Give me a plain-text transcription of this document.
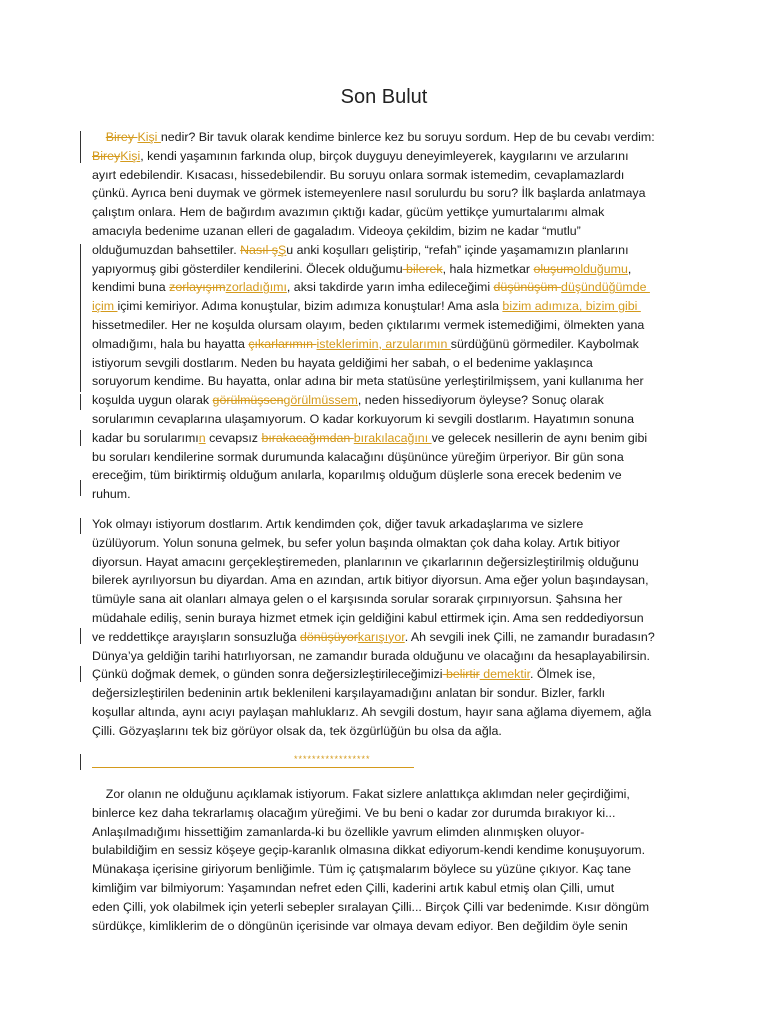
Son Bulut
Birey Kişi nedir? Bir tavuk olarak kendime binlerce kez bu soruyu sordum. Hep de bu cevabı verdim:
BireyKişi, kendi yaşamının farkında olup, birçok duyguyu deneyimleyerek, kaygılarını ve arzularını
ayırt edebilendir. Kısacası, hissedebilendir. Bu soruyu onlara sormak istemedim, cevaplamazlardı
çünkü. Ayrıca beni duymak ve görmek istemeyenlere nasıl sorulurdu bu soru? İlk başlarda anlatmaya
çalıştım onlara. Hem de bağırdım avazımın çıktığı kadar, gücüm yettikçe yumurtalarımı almak
amacıyla bedenime uzanan elleri de gagaladım. Videoya çekildim, bizim ne kadar “mutlu”
olduğumuzdan bahsettiler. Nasıl şŞu anki koşulları geliştirip, “refah” içinde yaşamamızın planlarını
yapıyormuş gibi gösterdiler kendilerini. Ölecek olduğumu bilerek, hala hizmetkar oluşumolduğumu,
kendimi buna zorlayışımzorladığımı, aksi takdirde yarın imha edileceğimi düşünüşüm düşündüğümde
içim içimi kemiriyor. Adıma konuştular, bizim adımıza konuştular! Ama asla bizim adımıza, bizim gibi
hissetmediler. Her ne koşulda olursam olayım, beden çıktılarımı vermek istemediğimi, ölmekten yana
olmadığımı, hala bu hayatta çıkarlarımın isteklerimin, arzularımın sürdüğünü görmediler. Kaybolmak
istiyorum sevgili dostlarım. Neden bu hayata geldiğimi her sabah, o el bedenime yaklaşınca
soruyorum kendime. Bu hayatta, onlar adına bir meta statüsüne yerleştirilmişsem, yani kullanıma her
koşulda uygun olarak görülmüşsengörülmüssem, neden hissediyorum öyleyse? Sonuç olarak
sorularımın cevaplarına ulaşamıyorum. O kadar korkuyorum ki sevgili dostlarım. Hayatımın sonuna
kadar bu sorularımın cevapsız bırakacağımdan bırakılacağını ve gelecek nesillerin de aynı benim gibi
bu soruları kendilerine sormak durumunda kalacağını düşününce yüreğim ürperiyor. Bir gün sona
ereceğim, tüm biriktirmiş olduğum anılarla, koparılmış olduğum düşlerle sona erecek bedenim ve
ruhum.
Yok olmayı istiyorum dostlarım. Artık kendimden çok, diğer tavuk arkadaşlarıma ve sizlere
üzülüyorum. Yolun sonuna gelmek, bu sefer yolun başında olmaktan çok daha kolay. Artık bitiyor
diyorsun. Hayat amacını gerçekleştiremeden, planlarının ve çıkarlarının değersizleştirilmiş olduğunu
bilerek ayrılıyorsun bu diyardan. Ama en azından, artık bitiyor diyorsun. Ama eğer yolun başındaysan,
tümüyle sana ait olanları almaya gelen o el karşısında sorular sorarak çırpınıyorsun. Şahsına her
müdahale ediliş, senin buraya hizmet etmek için geldiğini kabul ettirmek için. Ama sen reddediyorsun
ve reddettikçe arayışların sonsuzluğa dönüşüyorkarışıyor. Ah sevgili inek Çilli, ne zamandır buradasın?
Dünya’ya geldiğin tarihi hatırlıyorsan, ne zamandır burada olduğunu ve olacağını da hesaplayabilirsin.
Çünkü doğmak demek, o günden sonra değersizleştirileceğimizi belirtir demektir. Ölmek ise,
değersizleştirilen bedeninin artık beklenileni karşılayamadığını anlatan bir sondur. Bizler, farklı
koşullar altında, aynı acıyı paylaşan mahluklarız. Ah sevgili dostum, hayır sana ağlama diyemem, ağla
Çilli. Gözyaşlarını tek biz görüyor olsak da, tek özgürlüğün bu olsa da ağla.
*****************
Zor olanın ne olduğunu açıklamak istiyorum. Fakat sizlere anlattıkça aklımdan neler geçirdiğimi,
binlerce kez daha tekrarlamış olacağım yüreğimi. Ve bu beni o kadar zor durumda bırakıyor ki...
Anlaşılmadığımı hissettiğim zamanlarda-ki bu özellikle yavrum elimden alınmışken oluyor-
bulabildiğim en sessiz köşeye geçip-karanlık olmasına dikkat ediyorum-kendi kendime konuşuyorum.
Münakaşa içerisine giriyorum benliğimle. Tüm iç çatışmalarım böylece su yüzüne çıkıyor. Kaç tane
kimliğim var bilmiyorum: Yaşamından nefret eden Çilli, kaderini artık kabul etmiş olan Çilli, umut
eden Çilli, yok olabilmek için yeterli sebepler sıralayan Çilli... Birçok Çilli var bedenimde. Kısır döngüm
sürdükçe, kimliklerim de o döngünün içerisinde var olmaya devam ediyor. Ben değildim öyle senin
